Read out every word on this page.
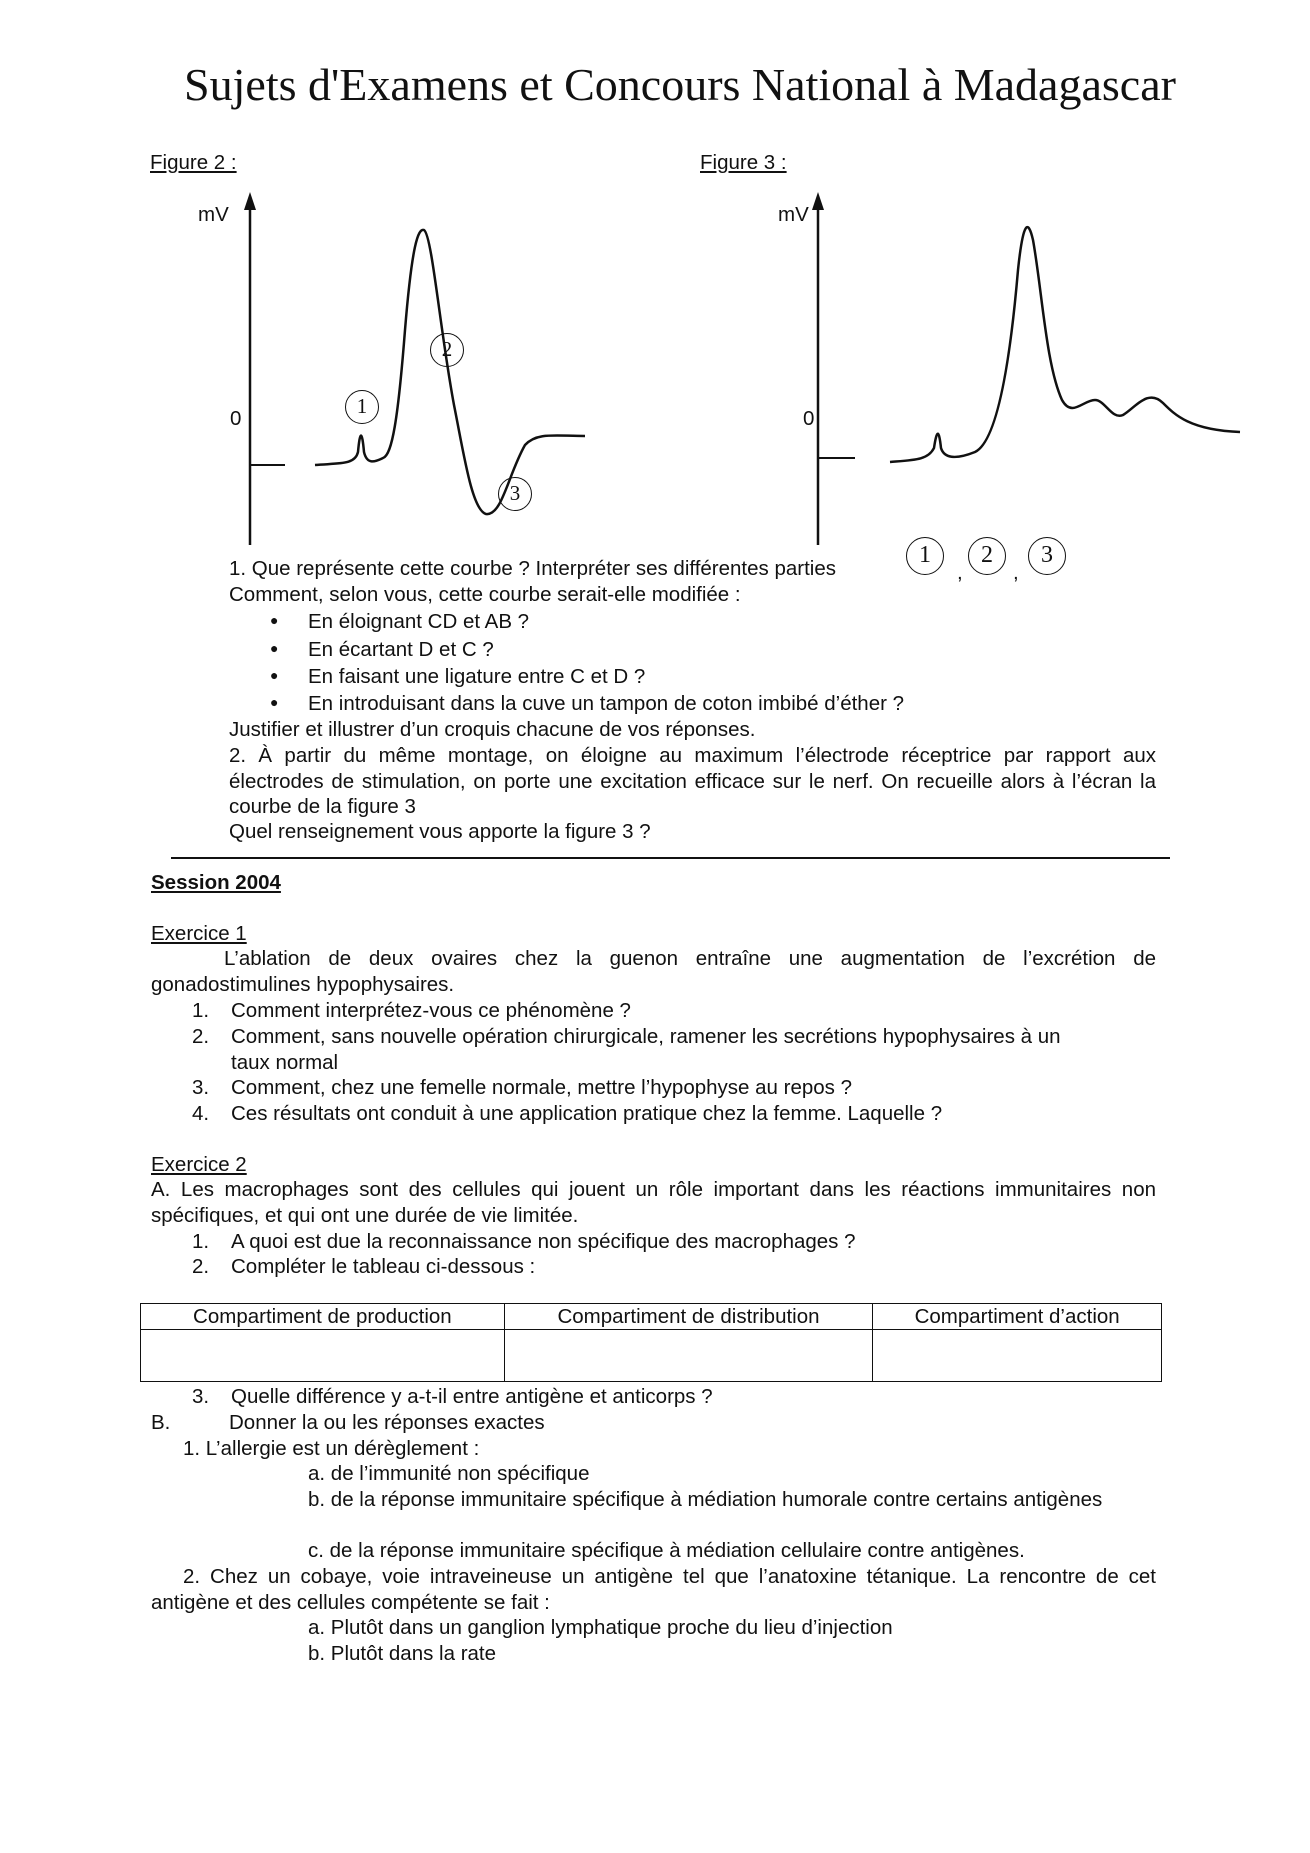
Sujets d'Examens et Concours National à Madagascar
Figure 2 :	Figure 3 :
mV
0
1
2
3
mV
0
1. Que représente cette courbe ? Interpréter ses différentes parties
1
,
2
,
3
Comment, selon vous, cette courbe serait-elle modifiée :
● En éloignant CD et AB ?
● En écartant D et C ?
● En faisant une ligature entre C et D ?
● En introduisant dans la cuve un tampon de coton imbibé d’éther ?
Justifier et illustrer d’un croquis chacune de vos réponses.
2. À partir du même montage, on éloigne au maximum l’électrode réceptrice par rapport aux électrodes de stimulation, on porte une excitation efficace sur le nerf. On recueille alors à l’écran la courbe de la figure 3
Quel renseignement vous apporte la figure 3 ?
Session 2004
Exercice 1
L’ablation de deux ovaires chez la guenon entraîne une augmentation de l’excrétion de gonadostimulines hypophysaires.
1. Comment interprétez-vous ce phénomène ?
2. Comment, sans nouvelle opération chirurgicale, ramener les secrétions hypophysaires à un
taux normal
3. Comment, chez une femelle normale, mettre l’hypophyse au repos ?
4. Ces résultats ont conduit à une application pratique chez la femme. Laquelle ?
Exercice 2
A. Les macrophages sont des cellules qui jouent un rôle important dans les réactions immunitaires non spécifiques, et qui ont une durée de vie limitée.
1. A quoi est due la reconnaissance non spécifique des macrophages ?
2. Compléter le tableau ci-dessous :
Compartiment de production	Compartiment de distribution	Compartiment d’action

3. Quelle différence y a-t-il entre antigène et anticorps ?
B.	Donner la ou les réponses exactes
1. L’allergie est un dérèglement :
a. de l’immunité non spécifique
b. de la réponse immunitaire spécifique à médiation humorale contre certains antigènes
c. de la réponse immunitaire spécifique à médiation cellulaire contre antigènes.
2. Chez un cobaye, voie intraveineuse un antigène tel que l’anatoxine tétanique. La rencontre de cet antigène et des cellules compétente se fait :
a. Plutôt dans un ganglion lymphatique proche du lieu d’injection
b. Plutôt dans la rate
